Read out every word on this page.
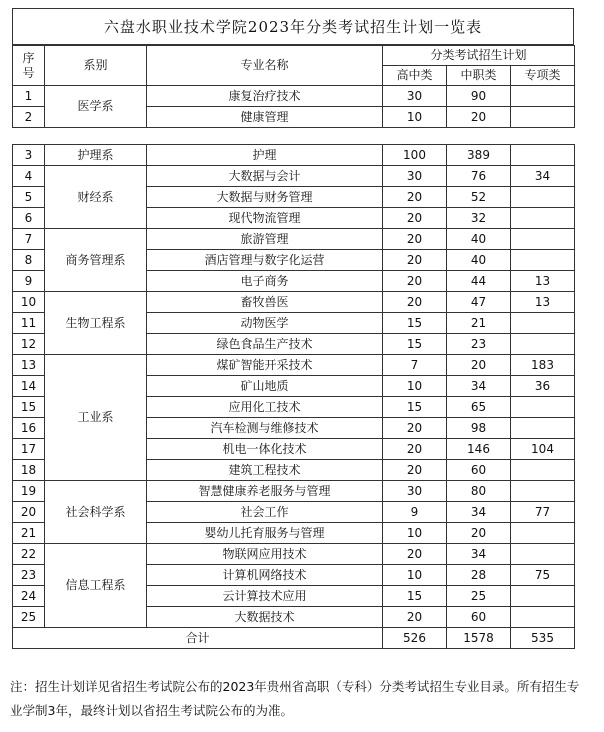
六盘水职业技术学院2023年分类考试招生计划一览表
序
号	系别	专业名称	分类考试招生计划		
			高中类	中职类	专项类
1	医学系	康复治疗技术	30	90	
2		健康管理	10	20	
3	护理系	护理	100	389	
4	财经系	大数据与会计	30	76	34
5		大数据与财务管理	20	52	
6		现代物流管理	20	32	
7	商务管理系	旅游管理	20	40	
8		酒店管理与数字化运营	20	40	
9		电子商务	20	44	13
10	生物工程系	畜牧兽医	20	47	13
11		动物医学	15	21	
12		绿色食品生产技术	15	23	
13	工业系	煤矿智能开采技术	7	20	183
14		矿山地质	10	34	36
15		应用化工技术	15	65	
16		汽车检测与维修技术	20	98	
17		机电一体化技术	20	146	104
18		建筑工程技术	20	60	
19	社会科学系	智慧健康养老服务与管理	30	80	
20		社会工作	9	34	77
21		婴幼儿托育服务与管理	10	20	
22	信息工程系	物联网应用技术	20	34	
23		计算机网络技术	10	28	75
24		云计算技术应用	15	25	
25		大数据技术	20	60	
合计			526	1578	535
注：招生计划详见省招生考试院公布的2023年贵州省高职（专科）分类考试招生专业目录。所有招生专业学制3年，最终计划以省招生考试院公布的为准。
